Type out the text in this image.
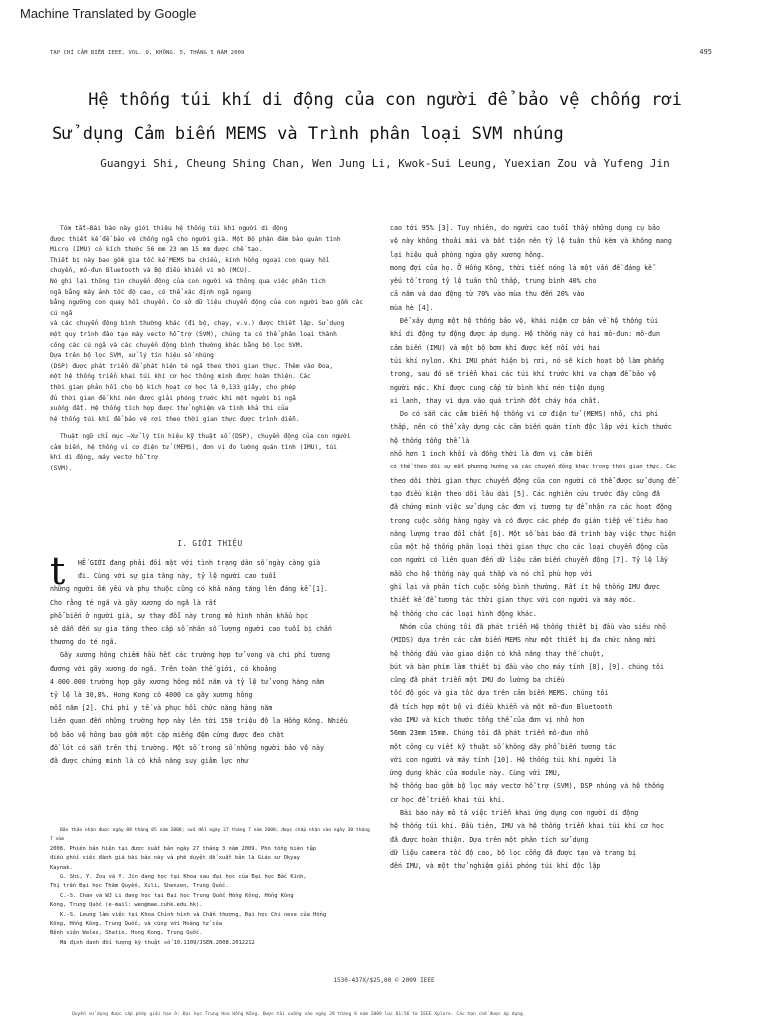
Machine Translated by Google
TẠP CHÍ CẢM BIẾN IEEE, VOL. 9, KHÔNG. 5, THÁNG 5 NĂM 2009	495
Hệ thống túi khí di động của con người để bảo vệ chống rơi
Sử dụng Cảm biến MEMS và Trình phân loại SVM nhúng
Guangyi Shi, Cheung Shing Chan, Wen Jung Li, Kwok-Sui Leung, Yuexian Zou và Yufeng Jin

Tóm tắt—Bài báo này giới thiệu hệ thống túi khí người di động

được thiết kế để bảo vệ chống ngã cho người già. Một Bộ phận đám bảo quán tính

Micro (IMU) có kích thước 56 mm 23 mm 15 mm được chế tạo.

Thiết bị này bao gồm gia tốc kế MEMS ba chiều, kính hồng ngoại con quay hồi

chuyển, mô-đun Bluetooth và Bộ điều khiển vi mô (MCU).

Nó ghi lại thông tin chuyển động của con người và thông qua việc phân tích

ngã bằng máy ảnh tốc độ cao, có thể xác định ngã ngang

bằng ngưỡng con quay hồi chuyển. Cơ sở dữ liệu chuyển động của con người bao gồm các cú ngã

và các chuyển động bình thường khác (đi bộ, chạy, v.v.) được thiết lập. Sử dụng

một quy trình đào tạo máy vectơ hỗ trợ (SVM), chúng ta có thể phân loại thành

công các cú ngã và các chuyển động bình thường khác bằng bộ lọc SVM.

Dựa trên bộ lọc SVM, xử lý tín hiệu số nhúng

(DSP) được phát triển để phát hiện té ngã theo thời gian thực. Thêm vào Đoa,

một hệ thống triển khai túi khí cơ học thông minh được hoàn thiện. Các

thời gian phản hồi cho bộ kích hoạt cơ học là 0,133 giây, cho phép

đủ thời gian để khí nén được giải phóng trước khi một người bị ngã

xuống đất. Hệ thống tích hợp được thử nghiệm và tính khả thi của

hệ thống túi khí để bảo vệ rơi theo thời gian thực được trình diễn.

Thuật ngữ chỉ mục —Xử lý tín hiệu kỹ thuật số (DSP), chuyển động của con người

cảm biến, hệ thống vi cơ điện tử (MEMS), đơn vị đo lường quán tính (IMU), túi

khí di động, máy vectơ hỗ trợ

(SVM).

I. GIỚI THIỆU
t	HẾ GIỚI đang phải đối mặt với tình trạng dân số ngày càng già

đi. Cùng với sự gia tăng này, tỷ lệ người cao tuổi

những người ốm yếu và phụ thuộc cũng có khả năng tăng lên đáng kể [1].

Cho rằng té ngã và gãy xương do ngã là rất

phổ biến ở người già, sự thay đổi này trong mô hình nhân khẩu học

sẽ dẫn đến sự gia tăng theo cấp số nhân số lượng người cao tuổi bị chấn

thương do té ngã.

Gãy xương hông chiếm hầu hết các trường hợp tử vong và chi phí tương

đương với gãy xương do ngã. Trên toàn thế giới, có khoảng

4 000 000 trường hợp gãy xương hông mỗi năm và tỷ lệ tử vong hàng năm

tỷ lệ là 30,8%. Hong Kong có 4000 ca gãy xương hông

mỗi năm [2]. Chi phí y tế và phục hồi chức năng hàng năm

liên quan đến những trường hợp này lên tới 150 triệu đô la Hồng Kông. Nhiều

bộ bảo vệ hông bao gồm một cặp miếng đệm cứng được đeo chặt

đồ lót có sẵn trên thị trường. Một số trong số những người bảo vệ này

đã được chứng minh là có khả năng suy giảm lực như

Bản thảo nhận được ngày 08 tháng 05 năm 2008; sửa đổi ngày 27 tháng 7 năm 2008; được chấp nhận vào ngày 30 tháng 7 năm

2008. Phiên bản hiện tại được xuất bản ngày 27 tháng 3 năm 2009. Phó tổng biên tập

điều phối việc đánh giá bài báo này và phê duyệt để xuất bản là Giáo sư Okyay

Kaynak.

G. Shi, Y. Zou và Y. Jin đang học tại Khoa sau đại học của Đại học Bắc Kinh,

Thị trấn Đại học Thâm Quyến, Xili, Shenzen, Trung Quốc.

C.-S. Chan và WJ Li đang học tại Đại học Trung Quốc Hồng Kông, Hồng Kông

Kong, Trung Quốc (e-mail: wen@mae.cuhk.edu.hk).

K.-S. Leung làm việc tại Khoa Chỉnh hình và Chấn thương, Đại học Chi nese của Hồng

Kông, Hồng Kông, Trung Quốc, và cùng với Hoàng tử của

Bệnh viện Wales, Shatin, Hong Kong, Trung Quốc.

Mã định danh đối tượng kỹ thuật số 10.1109/JSEN.2008.2012212

cao tới 95% [3]. Tuy nhiên, do người cao tuổi thấy những dụng cụ bảo

vệ này không thoải mái và bất tiện nên tỷ lệ tuân thủ kém và không mang

lại hiệu quả phòng ngừa gãy xương hông.

mong đợi của họ. Ở Hồng Kông, thời tiết nóng là một vấn đề đáng kể

yếu tố trong tỷ lệ tuân thủ thấp, trung bình 40% cho

cả năm và dao động từ 70% vào mùa thu đến 20% vào

mùa hè [4].

Để xây dựng một hệ thống bảo vệ, khái niệm cơ bản về hệ thống túi

khí di động tự động được áp dụng. Hệ thống này có hai mô-đun: mô-đun

cảm biến (IMU) và một bộ bơm khí được kết nối với hai

túi khí nylon. Khi IMU phát hiện bị rơi, nó sẽ kích hoạt bộ làm phẳng

trong, sau đó sẽ triển khai các túi khí trước khi va chạm để bảo vệ

người mặc. Khí được cung cấp từ bình khí nén tiện dụng

xi lanh, thay vì dựa vào quá trình đốt cháy hóa chất.

Do có sẵn các cảm biến hệ thống vi cơ điện tử (MEMS) nhỏ, chi phí

thấp, nên có thể xây dựng các cảm biến quán tính độc lập với kích thước

hệ thống tổng thể là

nhỏ hơn 1 inch khối và đồng thời là đơn vị cảm biến

có thể theo dõi sự mất phương hướng và các chuyển động khác trong thời gian thực. Các

theo dõi thời gian thực chuyển động của con người có thể được sử dụng để

tạo điều kiện theo dõi lâu dài [5]. Các nghiên cứu trước đây cũng đã

đã chứng minh việc sử dụng các đơn vị tương tự để nhận ra các hoạt động

trong cuộc sống hàng ngày và có được các phép đo gián tiếp về tiêu hao

năng lượng trao đổi chất [6]. Một số bài báo đã trình bày việc thực hiện

của một hệ thống phân loại thời gian thực cho các loại chuyển động của

con người có liên quan đến dữ liệu cảm biến chuyển động [7]. Tỷ lệ lấy

mẫu cho hệ thống này quá thấp và nó chỉ phù hợp với

ghi lại và phân tích cuộc sống bình thường. Rất ít hệ thống IMU được

thiết kế để tương tác thời gian thực với con người và máy móc.

hệ thống cho các loại hình động khác.

Nhóm của chúng tôi đã phát triển Hệ thống thiết bị đầu vào siêu nhỏ

(MIDS) dựa trên các cảm biến MEMS như một thiết bị đa chức năng mới

hệ thống đầu vào giao diện có khả năng thay thế chuột,

bút và bàn phím làm thiết bị đầu vào cho máy tính [8], [9]. chúng tôi

cũng đã phát triển một IMU đo lường ba chiều

tốc độ góc và gia tốc dựa trên cảm biến MEMS. chúng tôi

đã tích hợp một bộ vi điều khiển và một mô-đun Bluetooth

vào IMU và kích thước tổng thể của đơn vị nhỏ hơn

56mm 23mm 15mm. Chúng tôi đã phát triển mô-đun nhỏ

một công cụ viết kỹ thuật số không dây phổ biến tương tác

với con người và máy tính [10]. Hệ thống túi khí người là

ứng dụng khác của module này. Cùng với IMU,

hệ thống bao gồm bộ lọc máy vectơ hỗ trợ (SVM), DSP nhúng và hệ thống

cơ học để triển khai túi khí.

Bài báo này mô tả việc triển khai ứng dụng con người di động

hệ thống túi khí. Đầu tiên, IMU và hệ thống triển khai túi khí cơ học

đã được hoàn thiện. Dựa trên một phân tích sử dụng

dữ liệu camera tốc độ cao, bộ lọc cổng đã được tạo và trang bị

đến IMU, và một thử nghiệm giải phóng túi khí độc lập

1530-437X/$25,00 © 2009 IEEE
Quyền sử dụng được cấp phép giới hạn ở: Đại học Trung Hoa Hồng Kông. Được tải xuống vào ngày 28 tháng 8 năm 2009 lúc 01:56 từ IEEE Xplore. Các hạn chế được áp dụng.
